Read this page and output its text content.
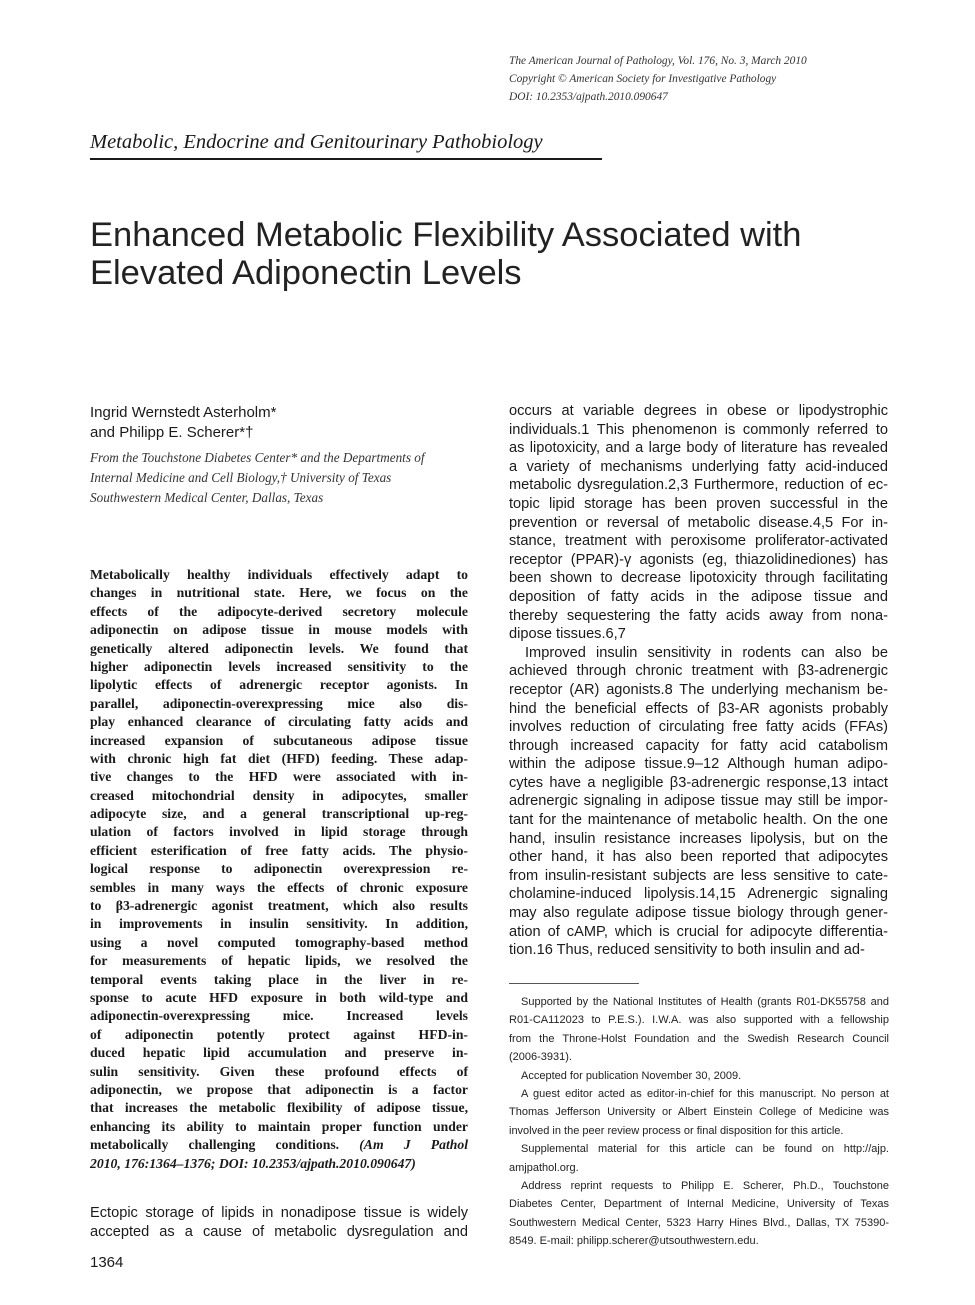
The American Journal of Pathology, Vol. 176, No. 3, March 2010
Copyright © American Society for Investigative Pathology
DOI: 10.2353/ajpath.2010.090647
Metabolic, Endocrine and Genitourinary Pathobiology
Enhanced Metabolic Flexibility Associated with
Elevated Adiponectin Levels
Ingrid Wernstedt Asterholm*
and Philipp E. Scherer*†
From the Touchstone Diabetes Center* and the Departments of
Internal Medicine and Cell Biology,† University of Texas
Southwestern Medical Center, Dallas, Texas
Metabolically healthy individuals effectively adapt to
changes in nutritional state. Here, we focus on the
effects of the adipocyte-derived secretory molecule
adiponectin on adipose tissue in mouse models with
genetically altered adiponectin levels. We found that
higher adiponectin levels increased sensitivity to the
lipolytic effects of adrenergic receptor agonists. In
parallel, adiponectin-overexpressing mice also dis-
play enhanced clearance of circulating fatty acids and
increased expansion of subcutaneous adipose tissue
with chronic high fat diet (HFD) feeding. These adap-
tive changes to the HFD were associated with in-
creased mitochondrial density in adipocytes, smaller
adipocyte size, and a general transcriptional up-reg-
ulation of factors involved in lipid storage through
efficient esterification of free fatty acids. The physio-
logical response to adiponectin overexpression re-
sembles in many ways the effects of chronic exposure
to β3-adrenergic agonist treatment, which also results
in improvements in insulin sensitivity. In addition,
using a novel computed tomography-based method
for measurements of hepatic lipids, we resolved the
temporal events taking place in the liver in re-
sponse to acute HFD exposure in both wild-type and
adiponectin-overexpressing mice. Increased levels
of adiponectin potently protect against HFD-in-
duced hepatic lipid accumulation and preserve in-
sulin sensitivity. Given these profound effects of
adiponectin, we propose that adiponectin is a factor
that increases the metabolic flexibility of adipose tissue,
enhancing its ability to maintain proper function under
metabolically challenging conditions. (Am J Pathol
2010, 176:1364–1376; DOI: 10.2353/ajpath.2010.090647)
Ectopic storage of lipids in nonadipose tissue is widely
accepted as a cause of metabolic dysregulation and
occurs at variable degrees in obese or lipodystrophic
individuals.1 This phenomenon is commonly referred to
as lipotoxicity, and a large body of literature has revealed
a variety of mechanisms underlying fatty acid-induced
metabolic dysregulation.2,3 Furthermore, reduction of ec-
topic lipid storage has been proven successful in the
prevention or reversal of metabolic disease.4,5 For in-
stance, treatment with peroxisome proliferator-activated
receptor (PPAR)-γ agonists (eg, thiazolidinediones) has
been shown to decrease lipotoxicity through facilitating
deposition of fatty acids in the adipose tissue and
thereby sequestering the fatty acids away from nona-
dipose tissues.6,7
Improved insulin sensitivity in rodents can also be
achieved through chronic treatment with β3-adrenergic
receptor (AR) agonists.8 The underlying mechanism be-
hind the beneficial effects of β3-AR agonists probably
involves reduction of circulating free fatty acids (FFAs)
through increased capacity for fatty acid catabolism
within the adipose tissue.9–12 Although human adipo-
cytes have a negligible β3-adrenergic response,13 intact
adrenergic signaling in adipose tissue may still be impor-
tant for the maintenance of metabolic health. On the one
hand, insulin resistance increases lipolysis, but on the
other hand, it has also been reported that adipocytes
from insulin-resistant subjects are less sensitive to cate-
cholamine-induced lipolysis.14,15 Adrenergic signaling
may also regulate adipose tissue biology through gener-
ation of cAMP, which is crucial for adipocyte differentia-
tion.16 Thus, reduced sensitivity to both insulin and ad-
Supported by the National Institutes of Health (grants R01-DK55758 and
R01-CA112023 to P.E.S.). I.W.A. was also supported with a fellowship
from the Throne-Holst Foundation and the Swedish Research Council
(2006-3931).
Accepted for publication November 30, 2009.
A guest editor acted as editor-in-chief for this manuscript. No person at
Thomas Jefferson University or Albert Einstein College of Medicine was
involved in the peer review process or final disposition for this article.
Supplemental material for this article can be found on http://ajp.
amjpathol.org.
Address reprint requests to Philipp E. Scherer, Ph.D., Touchstone
Diabetes Center, Department of Internal Medicine, University of Texas
Southwestern Medical Center, 5323 Harry Hines Blvd., Dallas, TX 75390-
8549. E-mail: philipp.scherer@utsouthwestern.edu.
1364
